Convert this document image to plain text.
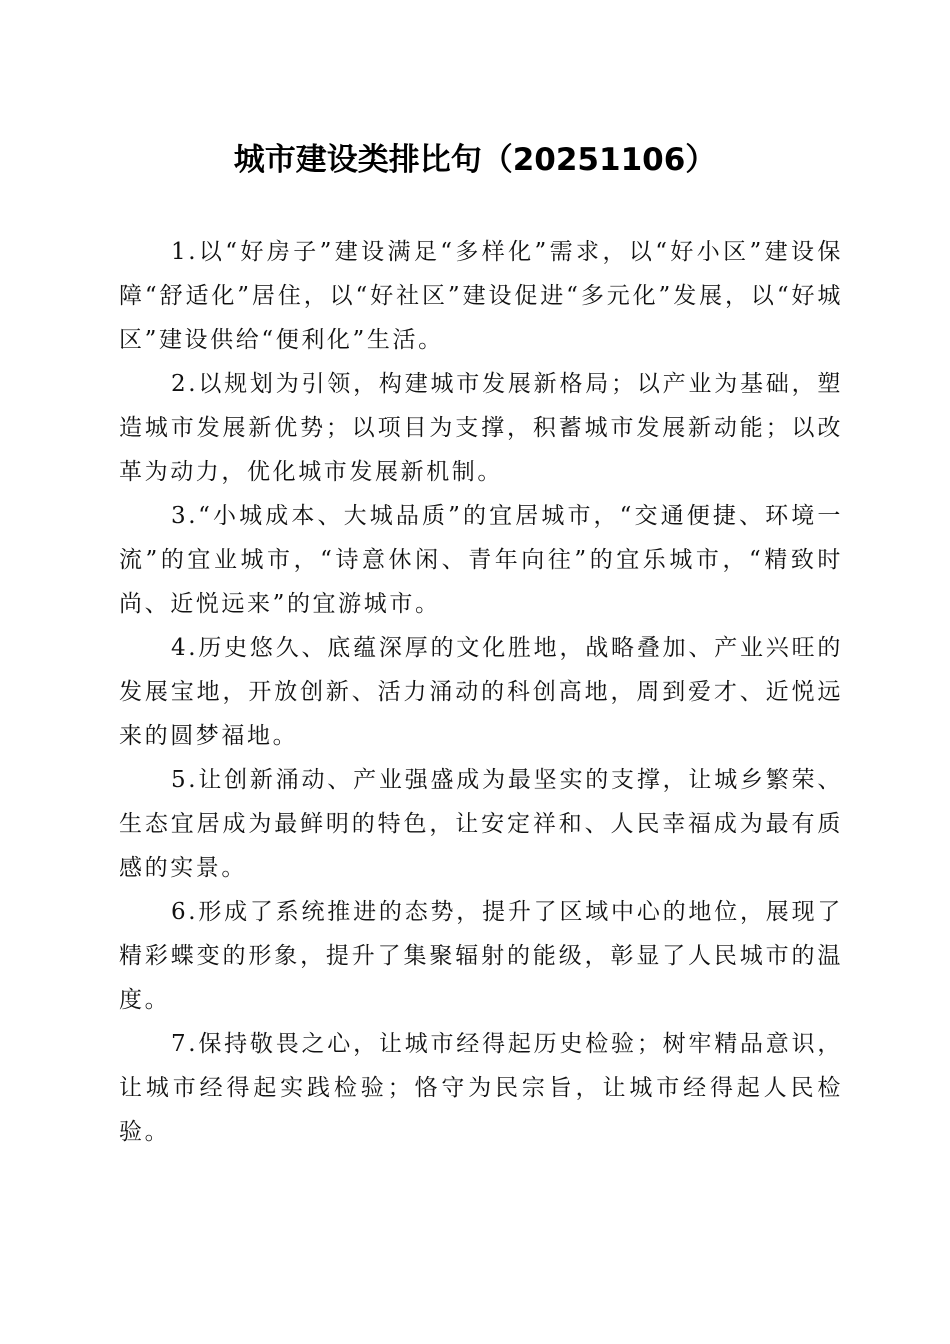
城市建设类排比句（20251106）

1.以“好房子”建设满足“多样化”需求，以“好小区”建设保障“舒适化”居住，以“好社区”建设促进“多元化”发展，以“好城区”建设供给“便利化”生活。

2.以规划为引领，构建城市发展新格局；以产业为基础，塑造城市发展新优势；以项目为支撑，积蓄城市发展新动能；以改革为动力，优化城市发展新机制。

3.“小城成本、大城品质”的宜居城市，“交通便捷、环境一流”的宜业城市，“诗意休闲、青年向往”的宜乐城市，“精致时尚、近悦远来”的宜游城市。

4.历史悠久、底蕴深厚的文化胜地，战略叠加、产业兴旺的发展宝地，开放创新、活力涌动的科创高地，周到爱才、近悦远来的圆梦福地。

5.让创新涌动、产业强盛成为最坚实的支撑，让城乡繁荣、生态宜居成为最鲜明的特色，让安定祥和、人民幸福成为最有质感的实景。

6.形成了系统推进的态势，提升了区域中心的地位，展现了精彩蝶变的形象，提升了集聚辐射的能级，彰显了人民城市的温度。

7.保持敬畏之心，让城市经得起历史检验；树牢精品意识，让城市经得起实践检验；恪守为民宗旨，让城市经得起人民检验。
